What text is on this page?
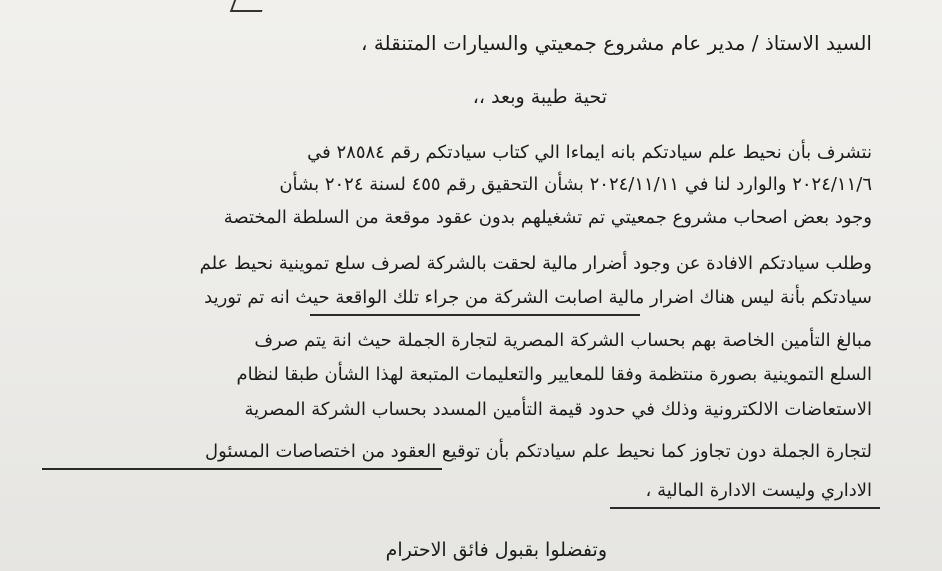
السيد الاستاذ / مدير عام مشروع جمعيتي والسيارات المتنقلة ،
تحية طيبة وبعد ،،
نتشرف بأن نحيط علم سيادتكم بانه ايماءا الي كتاب سيادتكم رقم ٢٨٥٨٤ في
٢٠٢٤/١١/٦ والوارد لنا في ٢٠٢٤/١١/١١ بشأن التحقيق رقم ٤٥٥ لسنة ٢٠٢٤ بشأن
وجود بعض اصحاب مشروع جمعيتي تم تشغيلهم بدون عقود موقعة من السلطة المختصة
وطلب سيادتكم الافادة عن وجود أضرار مالية لحقت بالشركة لصرف سلع تموينية نحيط علم
سيادتكم بأنة ليس هناك اضرار مالية اصابت الشركة من جراء تلك الواقعة حيث انه تم توريد
مبالغ التأمين الخاصة بهم بحساب الشركة المصرية لتجارة الجملة حيث انة يتم صرف
السلع التموينية بصورة منتظمة وفقا للمعايير والتعليمات المتبعة لهذا الشأن طبقا لنظام
الاستعاضات الالكترونية وذلك في حدود قيمة التأمين المسدد بحساب الشركة المصرية
لتجارة الجملة دون تجاوز كما نحيط علم سيادتكم بأن توقيع العقود من اختصاصات المسئول
الاداري وليست الادارة المالية ،
وتفضلوا بقبول فائق الاحترام
